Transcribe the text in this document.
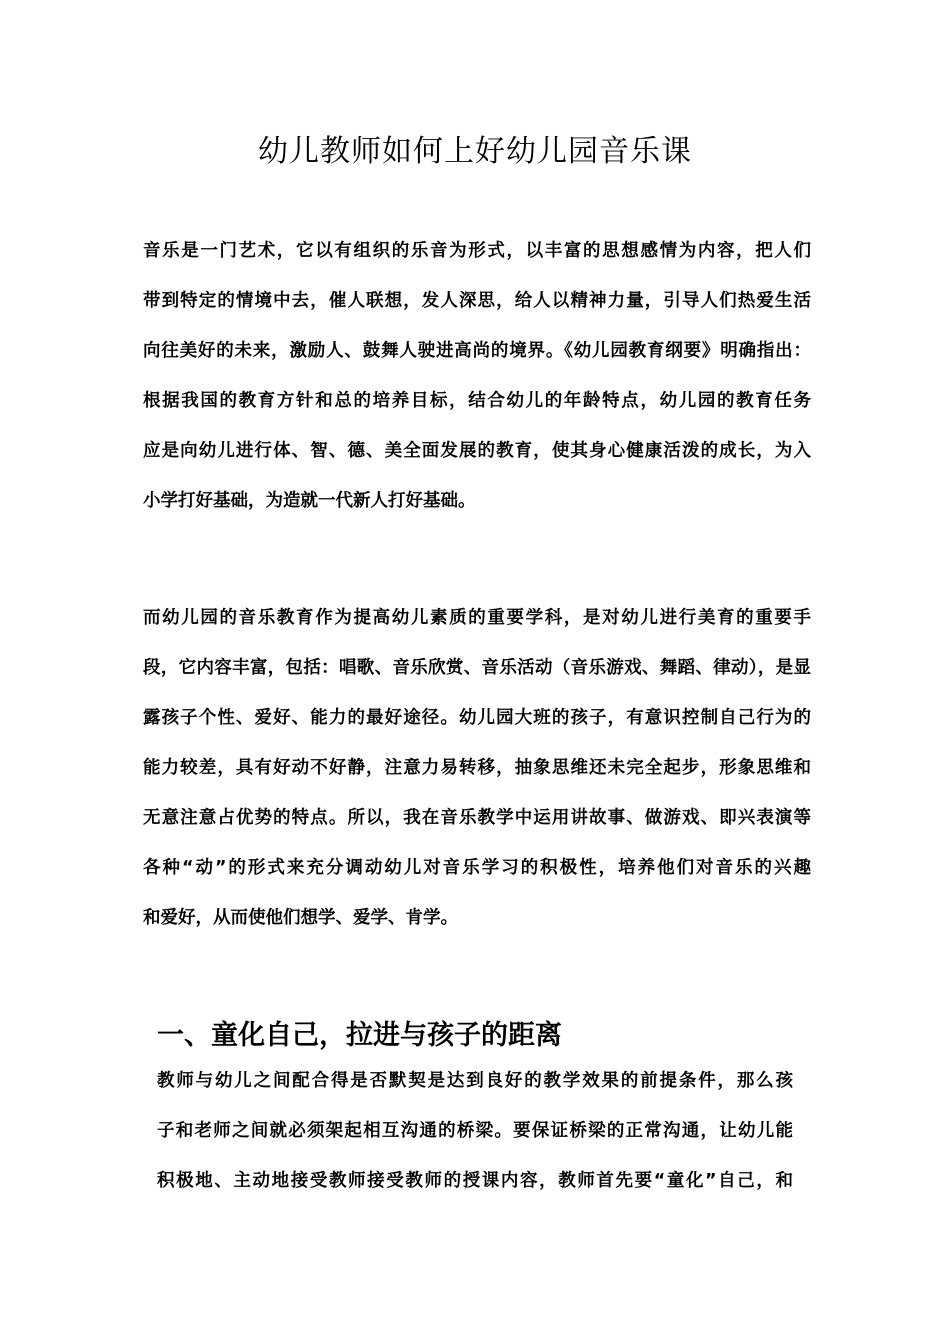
幼儿教师如何上好幼儿园音乐课
音乐是一门艺术，它以有组织的乐音为形式，以丰富的思想感情为内容，把人们
带到特定的情境中去，催人联想，发人深思，给人以精神力量，引导人们热爱生活
向往美好的未来，激励人、鼓舞人驶进高尚的境界。《幼儿园教育纲要》明确指出：
根据我国的教育方针和总的培养目标，结合幼儿的年龄特点，幼儿园的教育任务
应是向幼儿进行体、智、德、美全面发展的教育，使其身心健康活泼的成长，为入
小学打好基础，为造就一代新人打好基础。
而幼儿园的音乐教育作为提高幼儿素质的重要学科，是对幼儿进行美育的重要手
段，它内容丰富，包括：唱歌、音乐欣赏、音乐活动（音乐游戏、舞蹈、律动），是显
露孩子个性、爱好、能力的最好途径。幼儿园大班的孩子，有意识控制自己行为的
能力较差，具有好动不好静，注意力易转移，抽象思维还未完全起步，形象思维和
无意注意占优势的特点。所以，我在音乐教学中运用讲故事、做游戏、即兴表演等
各种“动”的形式来充分调动幼儿对音乐学习的积极性，培养他们对音乐的兴趣
和爱好，从而使他们想学、爱学、肯学。
一、童化自己，拉进与孩子的距离
教师与幼儿之间配合得是否默契是达到良好的教学效果的前提条件，那么孩
子和老师之间就必须架起相互沟通的桥梁。要保证桥梁的正常沟通，让幼儿能
积极地、主动地接受教师接受教师的授课内容，教师首先要“童化”自己，和
